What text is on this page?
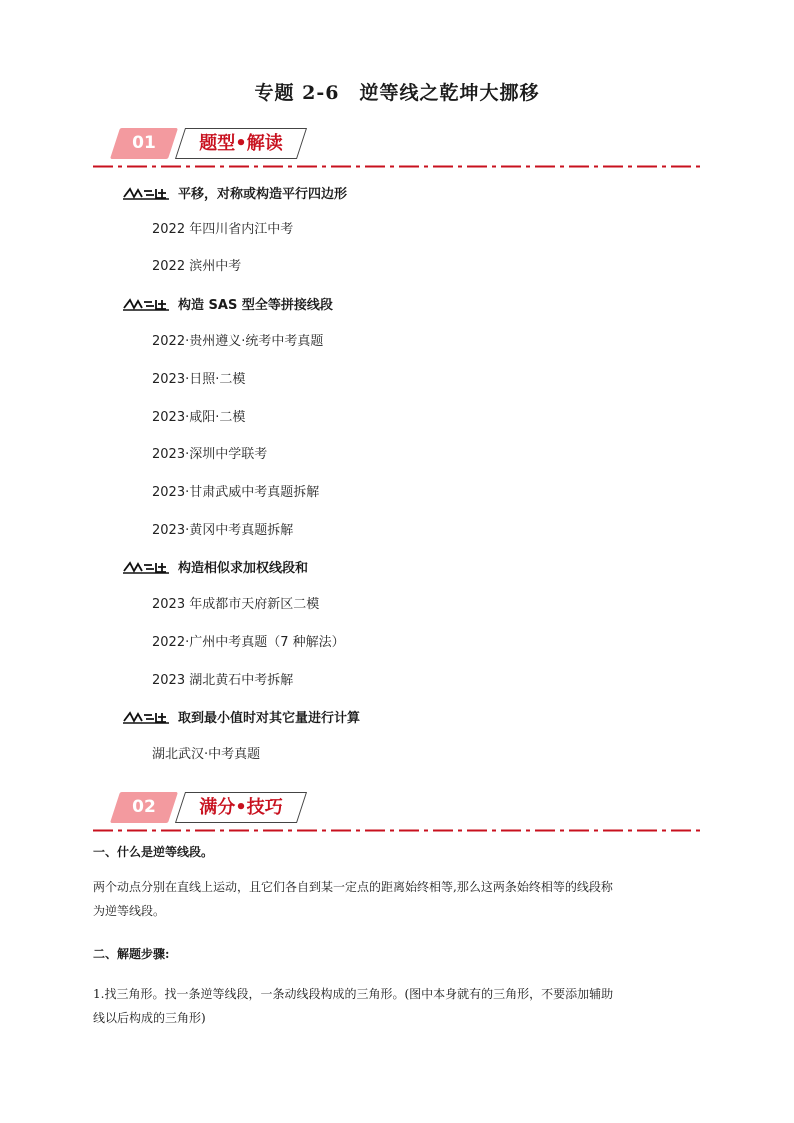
专题 2-6　逆等线之乾坤大挪移
01	题型•解读
平移，对称或构造平行四边形
2022 年四川省内江中考
2022 滨州中考
构造 SAS 型全等拼接线段
2022·贵州遵义·统考中考真题
2023·日照·二模
2023·咸阳·二模
2023·深圳中学联考
2023·甘肃武威中考真题拆解
2023·黄冈中考真题拆解
构造相似求加权线段和
2023 年成都市天府新区二模
2022·广州中考真题（7 种解法）
2023 湖北黄石中考拆解
取到最小值时对其它量进行计算
湖北武汉·中考真题
02	满分•技巧
一、什么是逆等线段。
两个动点分别在直线上运动，且它们各自到某一定点的距离始终相等,那么这两条始终相等的线段称
为逆等线段。
二、解题步骤:
1.找三角形。找一条逆等线段，一条动线段构成的三角形。(图中本身就有的三角形，不要添加辅助
线以后构成的三角形)
